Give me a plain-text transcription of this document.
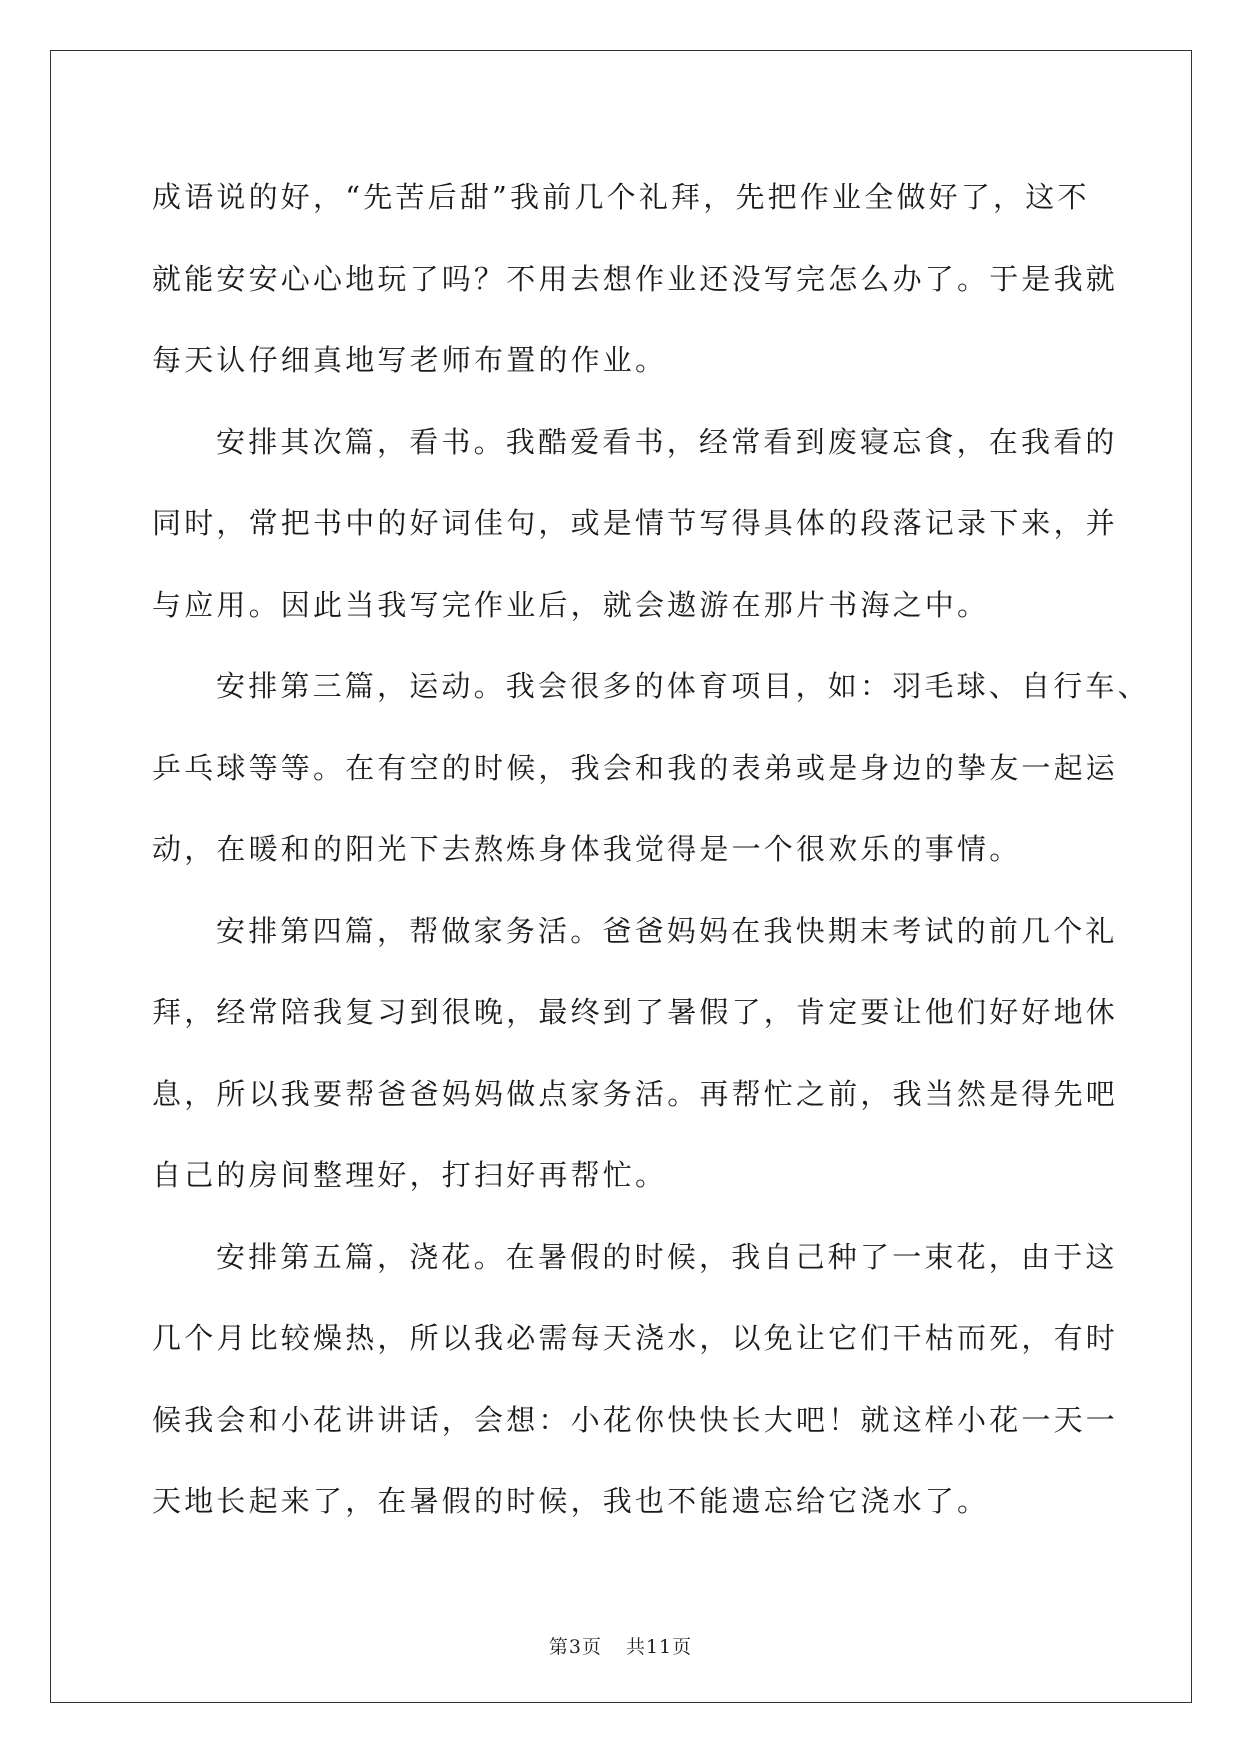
成语说的好，“先苦后甜”我前几个礼拜，先把作业全做好了，这不
就能安安心心地玩了吗？不用去想作业还没写完怎么办了。于是我就
每天认仔细真地写老师布置的作业。

安排其次篇，看书。我酷爱看书，经常看到废寝忘食，在我看的
同时，常把书中的好词佳句，或是情节写得具体的段落记录下来，并
与应用。因此当我写完作业后，就会遨游在那片书海之中。

安排第三篇，运动。我会很多的体育项目，如：羽毛球、自行车、
乒乓球等等。在有空的时候，我会和我的表弟或是身边的挚友一起运
动，在暖和的阳光下去熬炼身体我觉得是一个很欢乐的事情。

安排第四篇，帮做家务活。爸爸妈妈在我快期末考试的前几个礼
拜，经常陪我复习到很晚，最终到了暑假了，肯定要让他们好好地休
息，所以我要帮爸爸妈妈做点家务活。再帮忙之前，我当然是得先吧
自己的房间整理好，打扫好再帮忙。

安排第五篇，浇花。在暑假的时候，我自己种了一束花，由于这
几个月比较燥热，所以我必需每天浇水，以免让它们干枯而死，有时
候我会和小花讲讲话，会想：小花你快快长大吧！就这样小花一天一
天地长起来了，在暑假的时候，我也不能遗忘给它浇水了。

第3页 共11页
